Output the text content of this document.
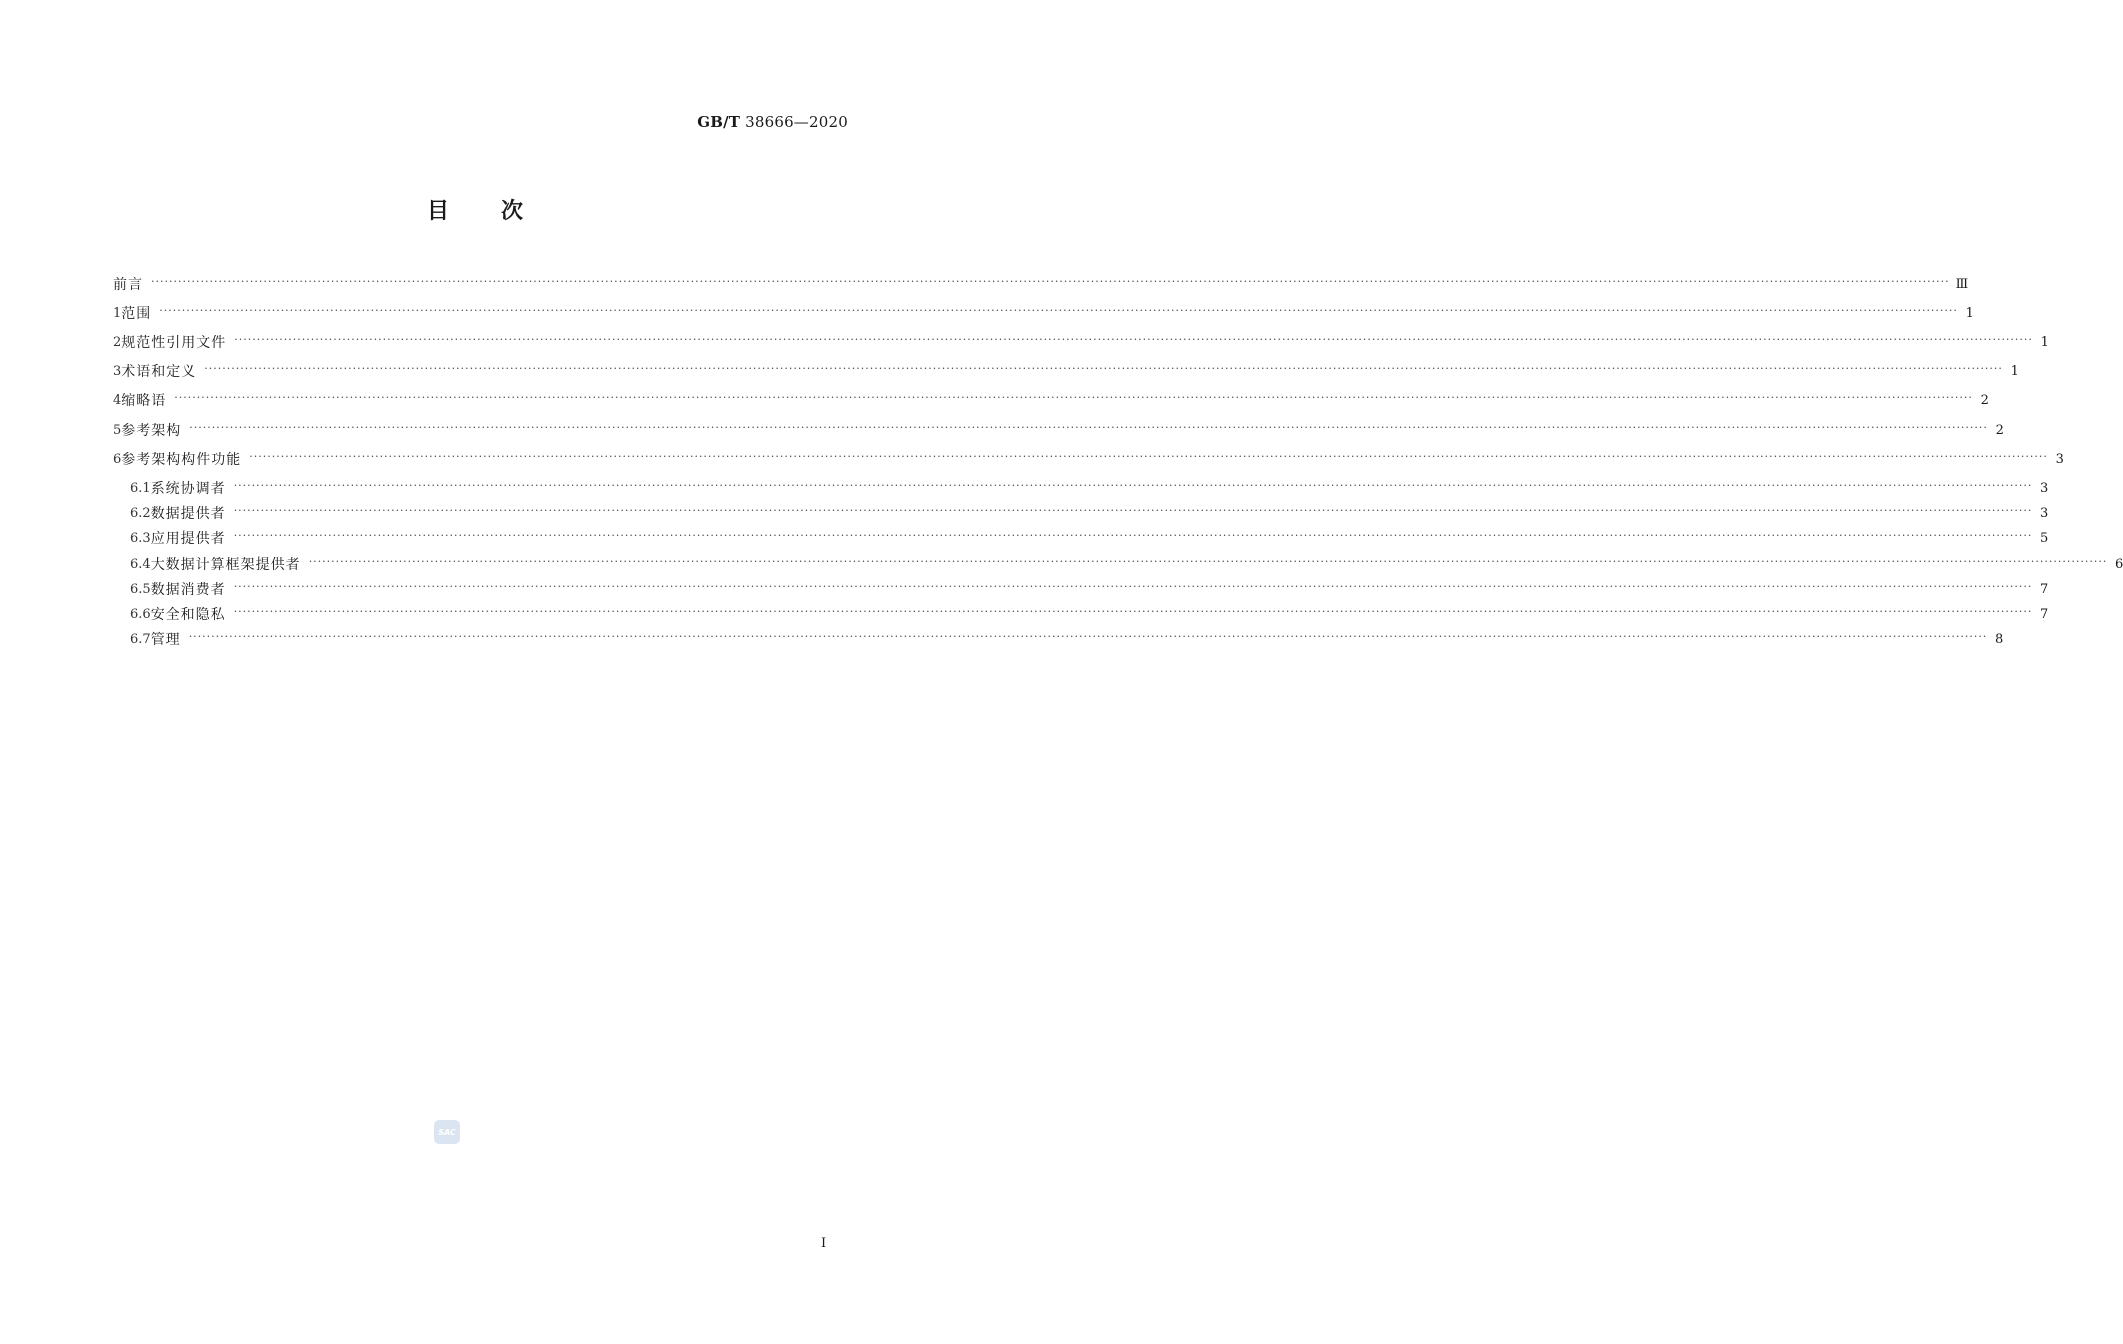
GB/T 38666—2020
目次
前言 ················································································································································································································································································································································································································ Ⅲ
1 范围 ················································································································································································································································································································································································································ 1
2 规范性引用文件 ················································································································································································································································································································································································································ 1
3 术语和定义 ················································································································································································································································································································································································································ 1
4 缩略语 ················································································································································································································································································································································································································ 2
5 参考架构 ················································································································································································································································································································································································································ 2
6 参考架构构件功能 ················································································································································································································································································································································································································ 3
6.1 系统协调者 ················································································································································································································································································································································································································ 3
6.2 数据提供者 ················································································································································································································································································································································································································ 3
6.3 应用提供者 ················································································································································································································································································································································································································ 5
6.4 大数据计算框架提供者 ················································································································································································································································································································································································································ 6
6.5 数据消费者 ················································································································································································································································································································································································································ 7
6.6 安全和隐私 ················································································································································································································································································································································································································ 7
6.7 管理 ················································································································································································································································································································································································································ 8
SAC
I
